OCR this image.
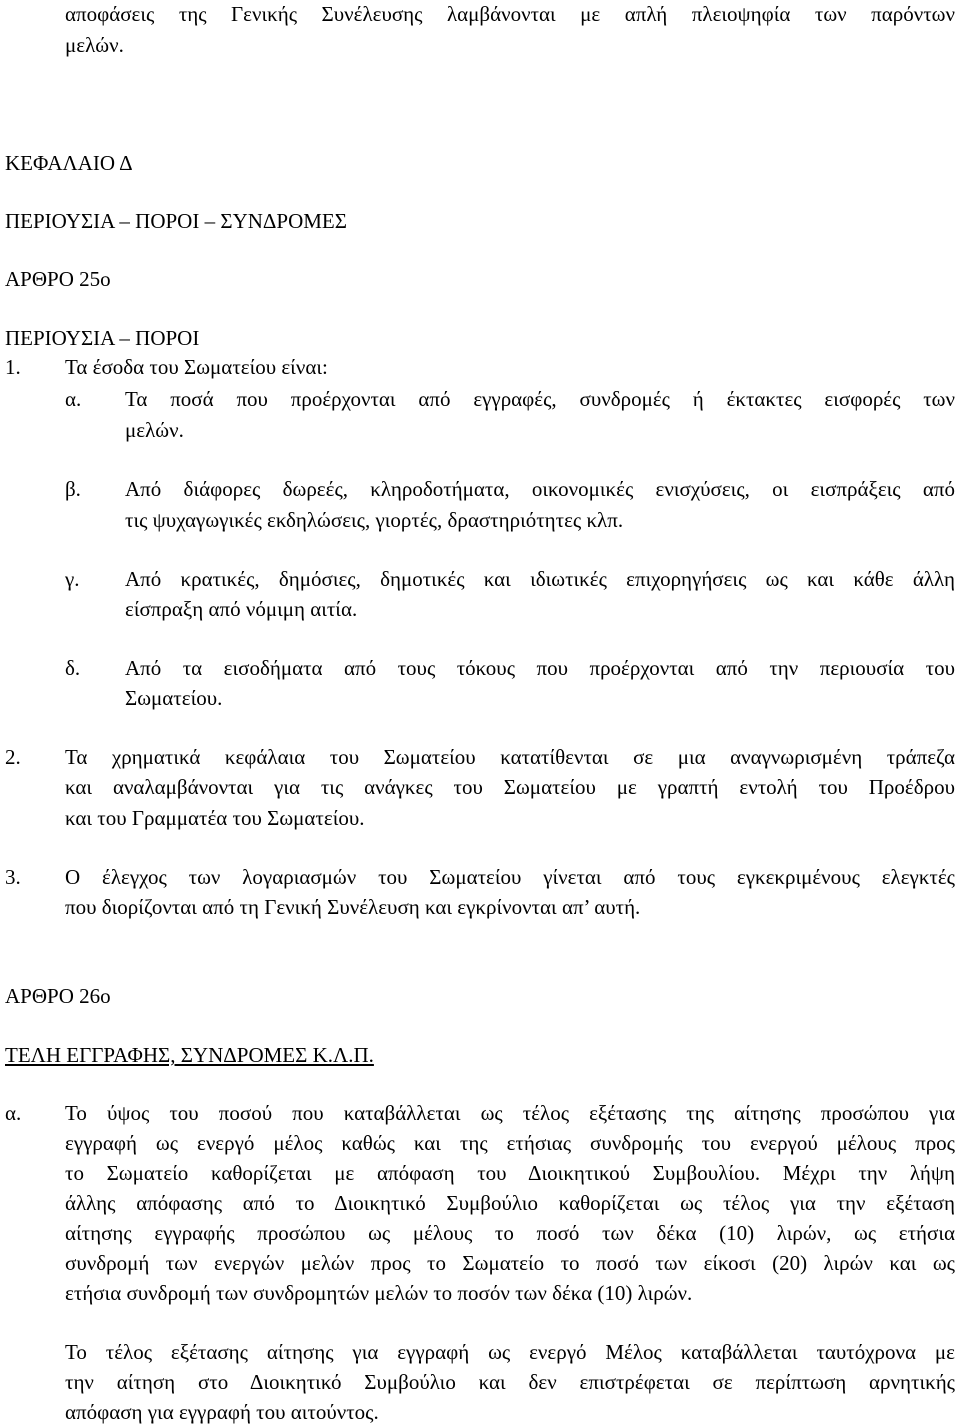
αποφάσεις της Γενικής Συνέλευσης λαμβάνονται με απλή πλειοψηφία των παρόντων
μελών.
ΚΕΦΑΛΑΙΟ Δ
ΠΕΡΙΟΥΣΙΑ – ΠΟΡΟΙ – ΣΥΝΔΡΟΜΕΣ
ΑΡΘΡΟ 25ο
ΠΕΡΙΟΥΣΙΑ – ΠΟΡΟΙ
1. Τα έσοδα του Σωματείου είναι:
α. Τα ποσά που προέρχονται από εγγραφές, συνδρομές ή έκτακτες εισφορές των
μελών.
β. Από διάφορες δωρεές, κληροδοτήματα, οικονομικές ενισχύσεις, οι εισπράξεις από
τις ψυχαγωγικές εκδηλώσεις, γιορτές, δραστηριότητες κλπ.
γ. Από κρατικές, δημόσιες, δημοτικές και ιδιωτικές επιχορηγήσεις ως και κάθε άλλη
είσπραξη από νόμιμη αιτία.
δ. Από τα εισοδήματα από τους τόκους που προέρχονται από την περιουσία του
Σωματείου.
2. Τα χρηματικά κεφάλαια του Σωματείου κατατίθενται σε μια αναγνωρισμένη τράπεζα
και αναλαμβάνονται για τις ανάγκες του Σωματείου με γραπτή εντολή του Προέδρου
και του Γραμματέα του Σωματείου.
3. Ο έλεγχος των λογαριασμών του Σωματείου γίνεται από τους εγκεκριμένους ελεγκτές
που διορίζονται από τη Γενική Συνέλευση και εγκρίνονται απ’ αυτή.
ΑΡΘΡΟ 26ο
ΤΕΛΗ ΕΓΓΡΑΦΗΣ, ΣΥΝΔΡΟΜΕΣ Κ.Λ.Π.
α. Το ύψος του ποσού που καταβάλλεται ως τέλος εξέτασης της αίτησης προσώπου για
εγγραφή ως ενεργό μέλος καθώς και της ετήσιας συνδρομής του ενεργού μέλους προς
το Σωματείο καθορίζεται με απόφαση του Διοικητικού Συμβουλίου. Μέχρι την λήψη
άλλης απόφασης από το Διοικητικό Συμβούλιο καθορίζεται ως τέλος για την εξέταση
αίτησης εγγραφής προσώπου ως μέλους το ποσό των δέκα (10) λιρών, ως ετήσια
συνδρομή των ενεργών μελών προς το Σωματείο το ποσό των είκοσι (20) λιρών και ως
ετήσια συνδρομή των συνδρομητών μελών το ποσόν των δέκα (10) λιρών.
Το τέλος εξέτασης αίτησης για εγγραφή ως ενεργό Μέλος καταβάλλεται ταυτόχρονα με
την αίτηση στο Διοικητικό Συμβούλιο και δεν επιστρέφεται σε περίπτωση αρνητικής
απόφαση για εγγραφή του αιτούντος.
